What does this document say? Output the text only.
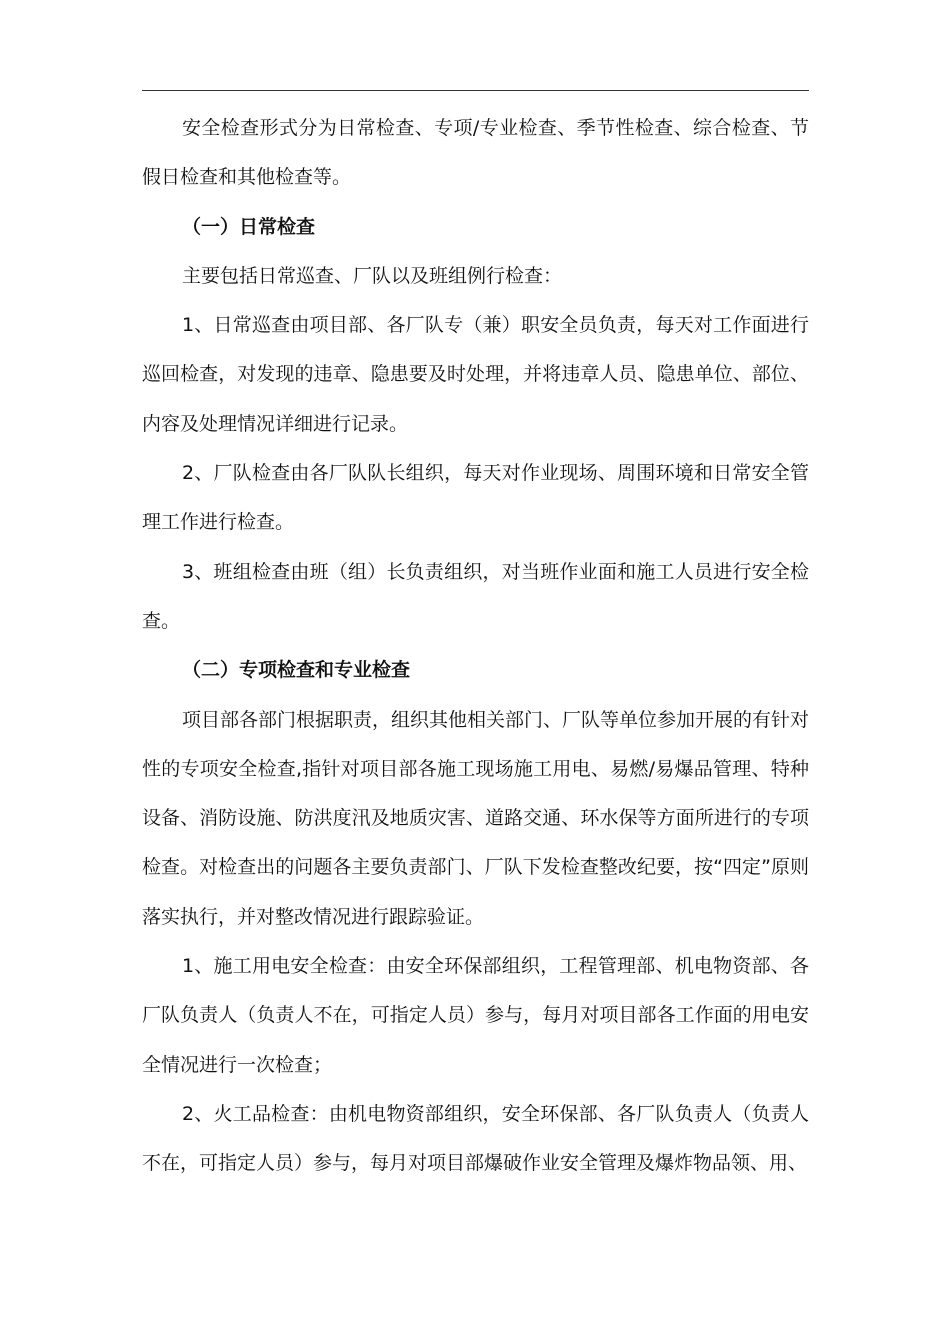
安全检查形式分为日常检查、专项/专业检查、季节性检查、综合检查、节假日检查和其他检查等。

（一）日常检查

主要包括日常巡查、厂队以及班组例行检查：

1、日常巡查由项目部、各厂队专（兼）职安全员负责，每天对工作面进行巡回检查，对发现的违章、隐患要及时处理，并将违章人员、隐患单位、部位、内容及处理情况详细进行记录。

2、厂队检查由各厂队队长组织，每天对作业现场、周围环境和日常安全管理工作进行检查。

3、班组检查由班（组）长负责组织，对当班作业面和施工人员进行安全检查。

（二）专项检查和专业检查

项目部各部门根据职责，组织其他相关部门、厂队等单位参加开展的有针对性的专项安全检查,指针对项目部各施工现场施工用电、易燃/易爆品管理、特种设备、消防设施、防洪度汛及地质灾害、道路交通、环水保等方面所进行的专项检查。对检查出的问题各主要负责部门、厂队下发检查整改纪要，按“四定”原则落实执行，并对整改情况进行跟踪验证。

1、施工用电安全检查：由安全环保部组织，工程管理部、机电物资部、各厂队负责人（负责人不在，可指定人员）参与，每月对项目部各工作面的用电安全情况进行一次检查；

2、火工品检查：由机电物资部组织，安全环保部、各厂队负责人（负责人不在，可指定人员）参与，每月对项目部爆破作业安全管理及爆炸物品领、用、
